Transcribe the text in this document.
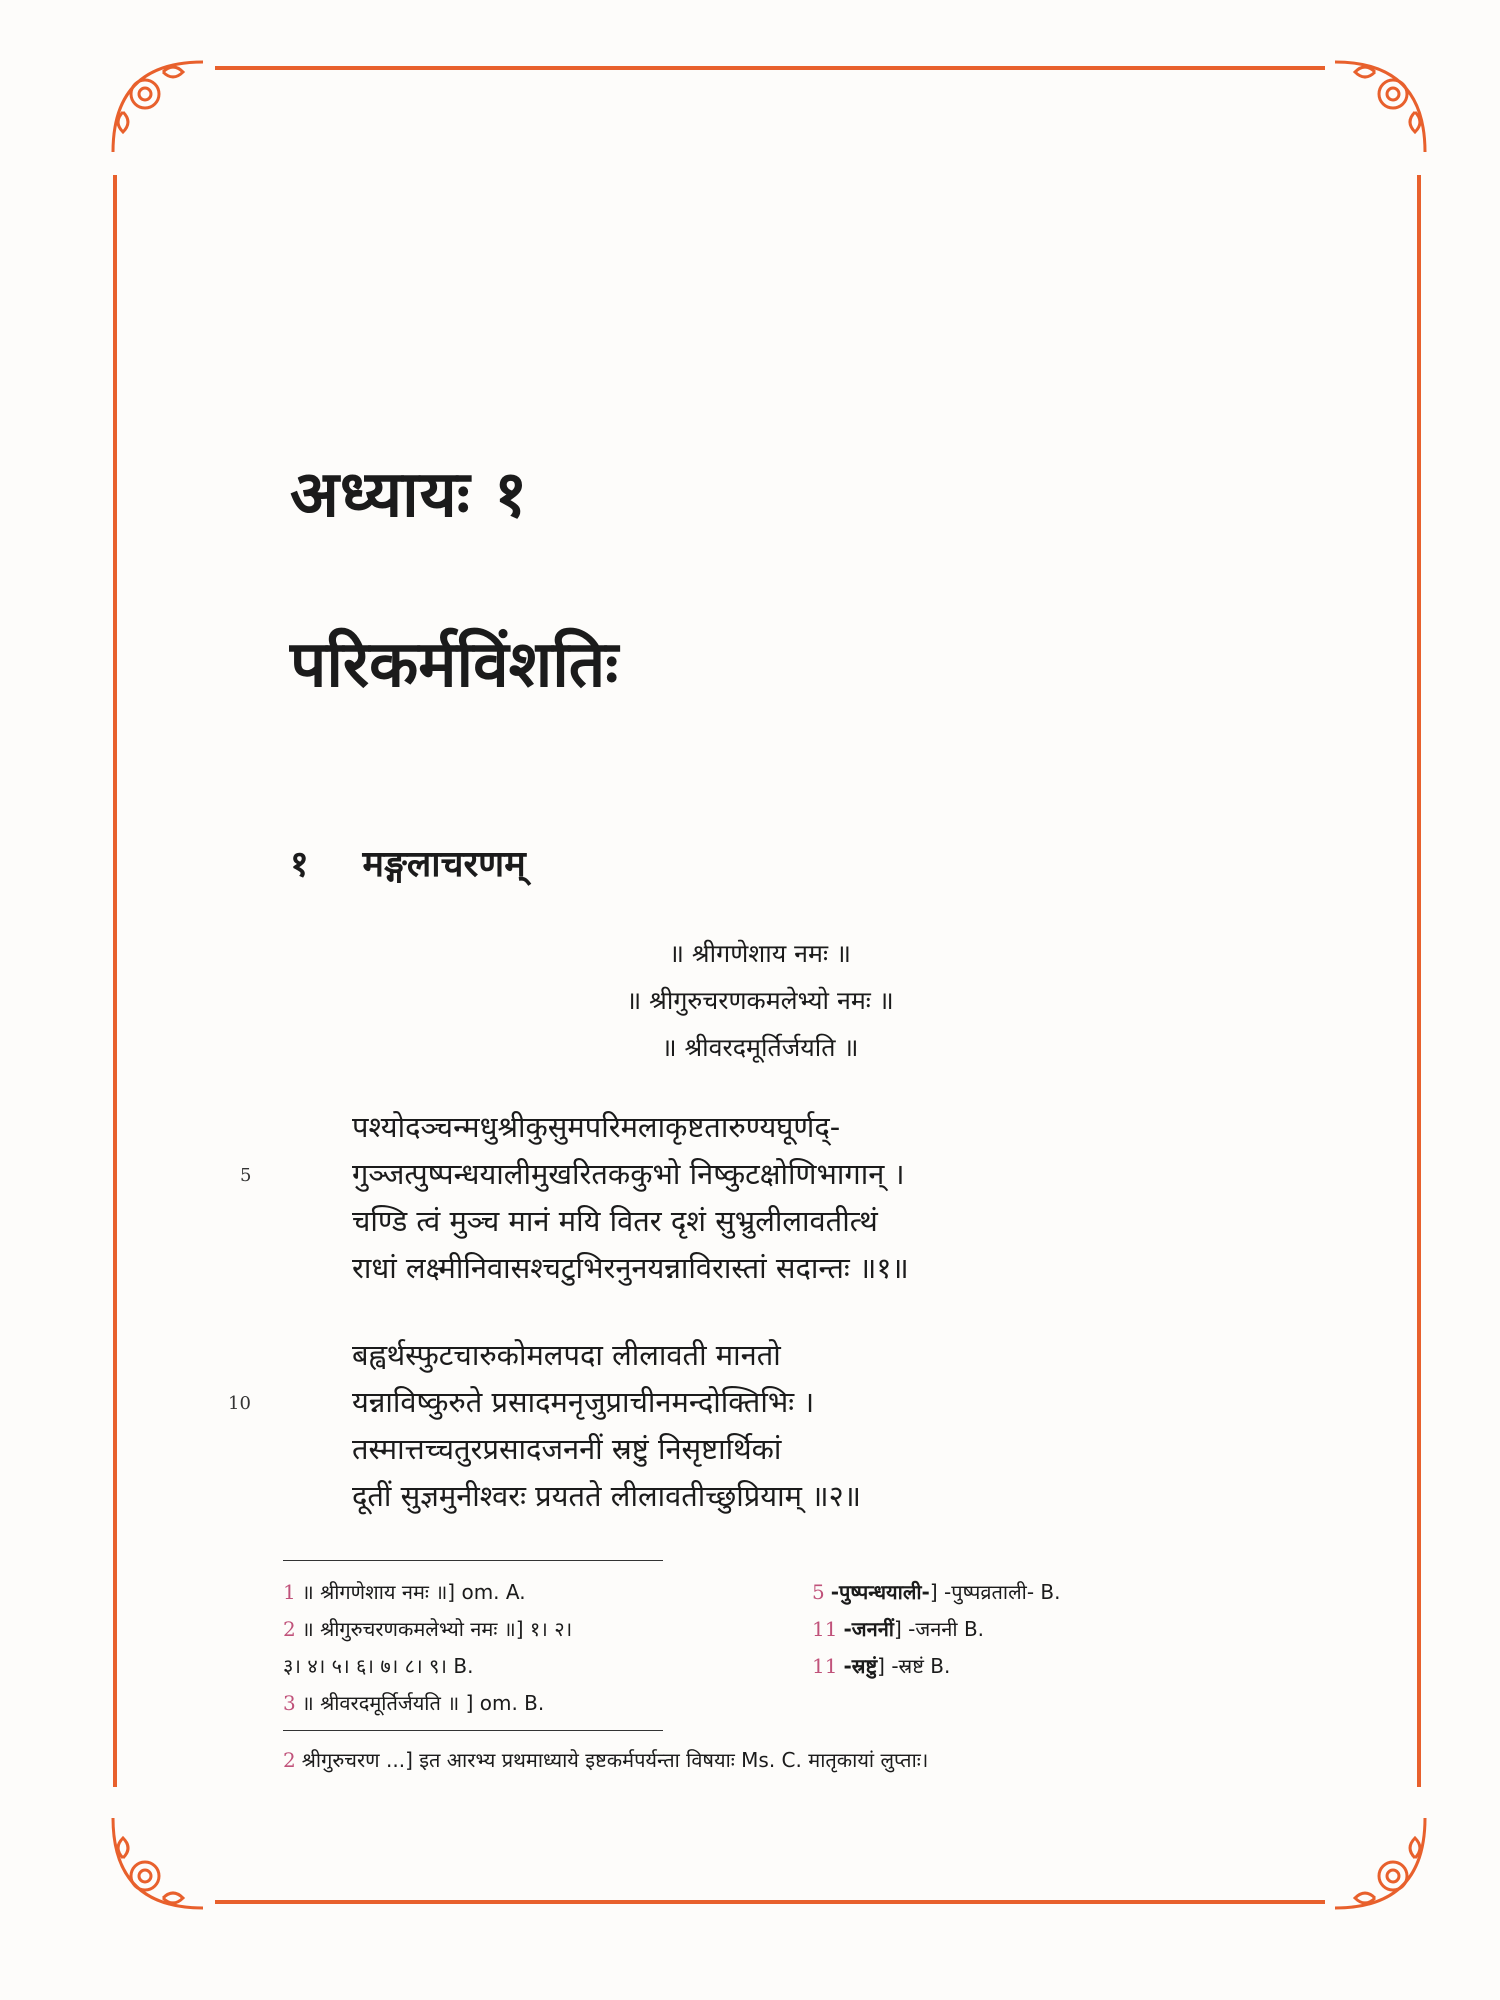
अध्यायः १
परिकर्मविंशतिः
१ मङ्गलाचरणम्
॥ श्रीगणेशाय नमः ॥
॥ श्रीगुरुचरणकमलेभ्यो नमः ॥
॥ श्रीवरदमूर्तिर्जयति ॥
पश्योदञ्चन्मधुश्रीकुसुमपरिमलाकृष्टतारुण्यघूर्णद्-
गुञ्जत्पुष्पन्धयालीमुखरितककुभो निष्कुटक्षोणिभागान् ।
चण्डि त्वं मुञ्च मानं मयि वितर दृशं सुभ्रुलीलावतीत्थं
राधां लक्ष्मीनिवासश्चटुभिरनुनयन्नाविरास्तां सदान्तः ॥१॥
5
बह्वर्थस्फुटचारुकोमलपदा लीलावती मानतो
यन्नाविष्कुरुते प्रसादमनृजुप्राचीनमन्दोक्तिभिः ।
तस्मात्तच्चतुरप्रसादजननीं स्रष्टुं निसृष्टार्थिकां
दूतीं सुज्ञमुनीश्वरः प्रयतते लीलावतीच्छुप्रियाम् ॥२॥
10
1 ॥ श्रीगणेशाय नमः ॥] om. A.
2 ॥ श्रीगुरुचरणकमलेभ्यो नमः ॥] १। २।
३। ४। ५। ६। ७। ८। ९। B.
3 ॥ श्रीवरदमूर्तिर्जयति ॥ ] om. B.
5 -पुष्पन्धयाली-] -पुष्पव्रताली- B.
11 -जननीं] -जननी B.
11 -स्रष्टुं] -स्रष्टं B.
2 श्रीगुरुचरण ...] इत आरभ्य प्रथमाध्याये इष्टकर्मपर्यन्ता विषयाः Ms. C. मातृकायां लुप्ताः।
